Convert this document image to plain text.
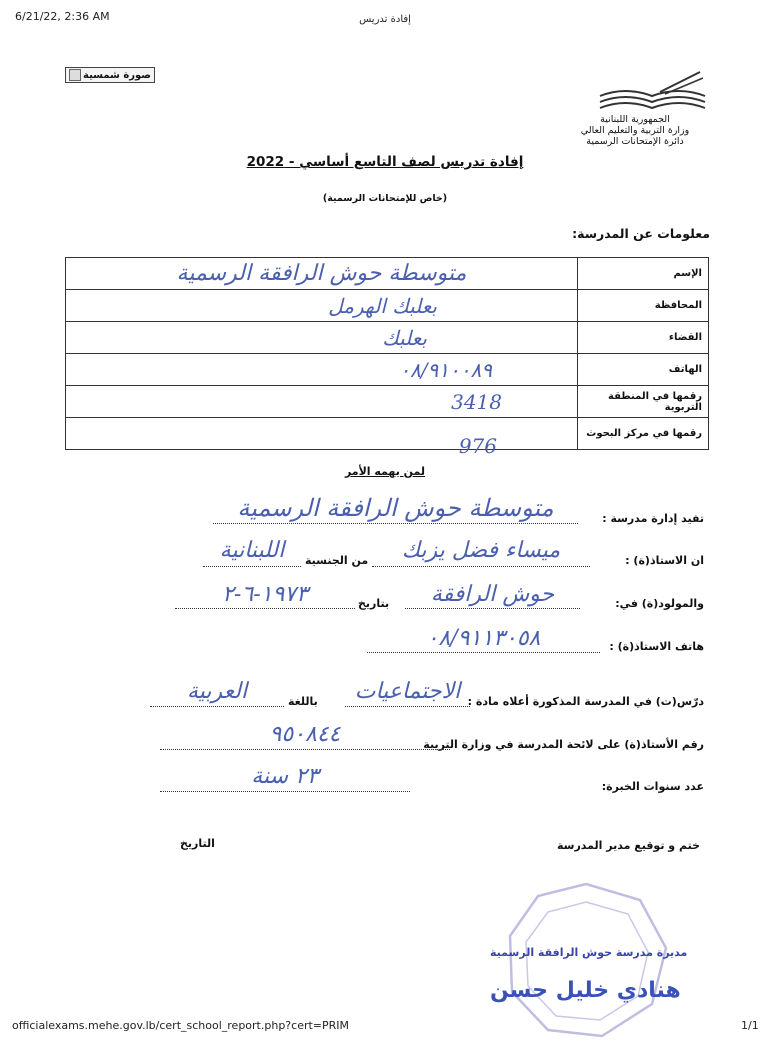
6/21/22, 2:36 AM	إفادة تدريس
صورة شمسية
الجمهورية اللبنانية
وزارة التربية والتعليم العالي
دائرة الإمتحانات الرسمية
إفادة تدريس لصف التاسع أساسي - 2022
(خاص للإمتحانات الرسمية)
معلومات عن المدرسة:
متوسطة حوش الرافقة الرسمية	الإسم

بعلبك الهرمل	المحافظة

بعلبك	القضاء

٠٨/٩١٠٠٨٩	الهاتف

3418	رقمها في المنطقة التربوية

976	رقمها في مركز البحوث
لمن يهمه الأمر
تفيد إدارة مدرسة :
متوسطة حوش الرافقة الرسمية
ان الاستاذ(ة) :
ميساء فضل يزبك
من الجنسية
اللبنانية
والمولود(ة) في:
حوش الرافقة
بتاريخ
١٩٧٣-٦-٢
هاتف الاستاذ(ة) :
٠٨/٩١١٣٠٥٨
درّس(ت) في المدرسة المذكورة أعلاه مادة :
الاجتماعيات
باللغة
العربية
رقم الأستاذ(ة) على لائحة المدرسة في وزارة التربية
٩٥٠٨٤٤
عدد سنوات الخبرة:
٢٣ سنة
ختم و توقيع مدير المدرسة
التاريخ
مديرة مدرسة حوش الرافقة الرسمية
هنادي خليل حسن
officialexams.mehe.gov.lb/cert_school_report.php?cert=PRIM	1/1
